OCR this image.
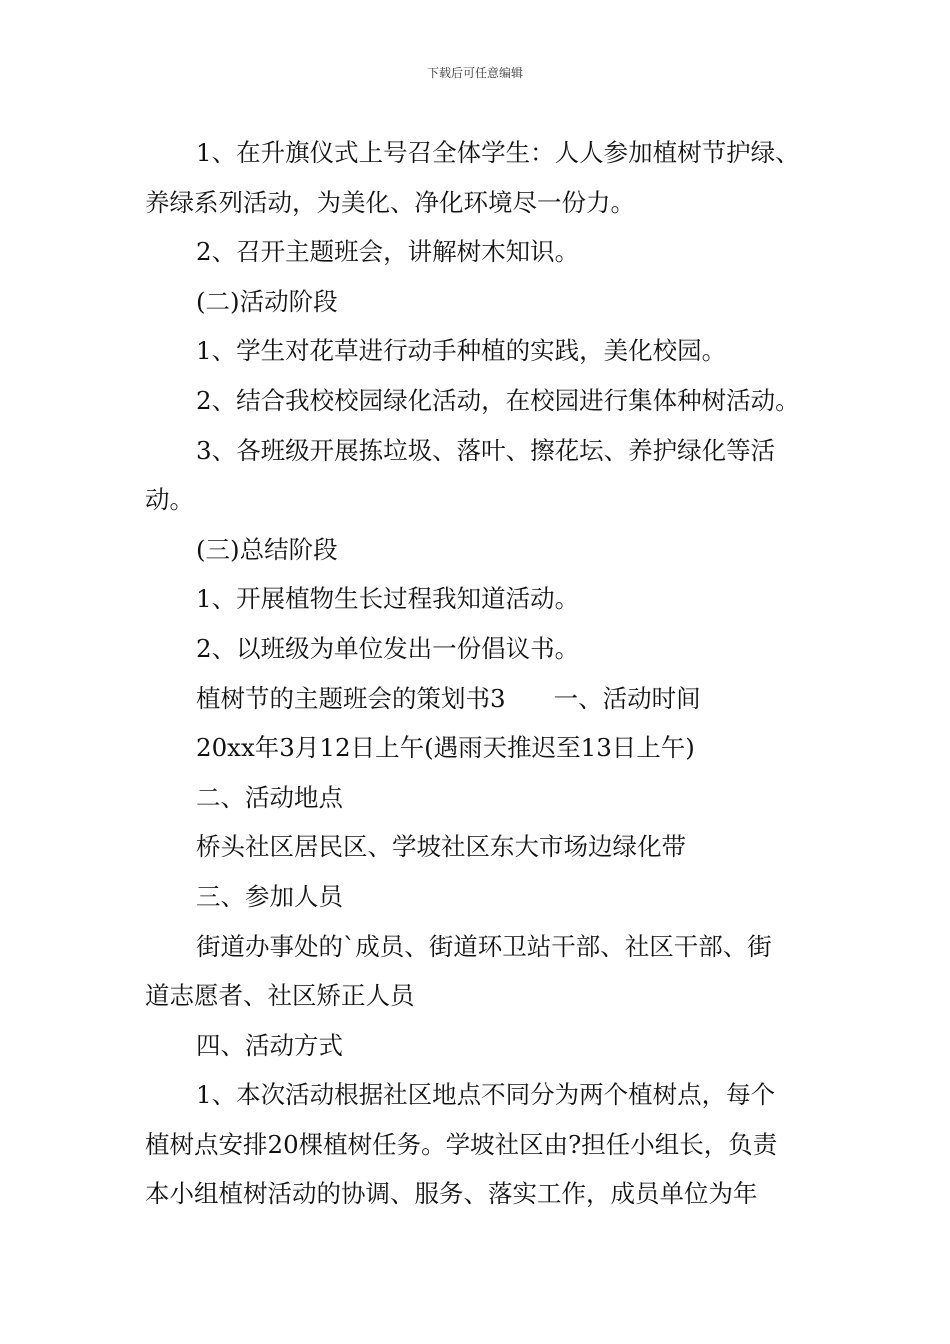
下载后可任意编辑
1、在升旗仪式上号召全体学生：人人参加植树节护绿、
养绿系列活动，为美化、净化环境尽一份力。
2、召开主题班会，讲解树木知识。
(二)活动阶段
1、学生对花草进行动手种植的实践，美化校园。
2、结合我校校园绿化活动，在校园进行集体种树活动。
3、各班级开展拣垃圾、落叶、擦花坛、养护绿化等活
动。
(三)总结阶段
1、开展植物生长过程我知道活动。
2、以班级为单位发出一份倡议书。
植树节的主题班会的策划书3 一、活动时间
20xx年3月12日上午(遇雨天推迟至13日上午)
二、活动地点
桥头社区居民区、学坡社区东大市场边绿化带
三、参加人员
街道办事处的`成员、街道环卫站干部、社区干部、街
道志愿者、社区矫正人员
四、活动方式
1、本次活动根据社区地点不同分为两个植树点，每个
植树点安排20棵植树任务。学坡社区由?担任小组长，负责
本小组植树活动的协调、服务、落实工作，成员单位为年
